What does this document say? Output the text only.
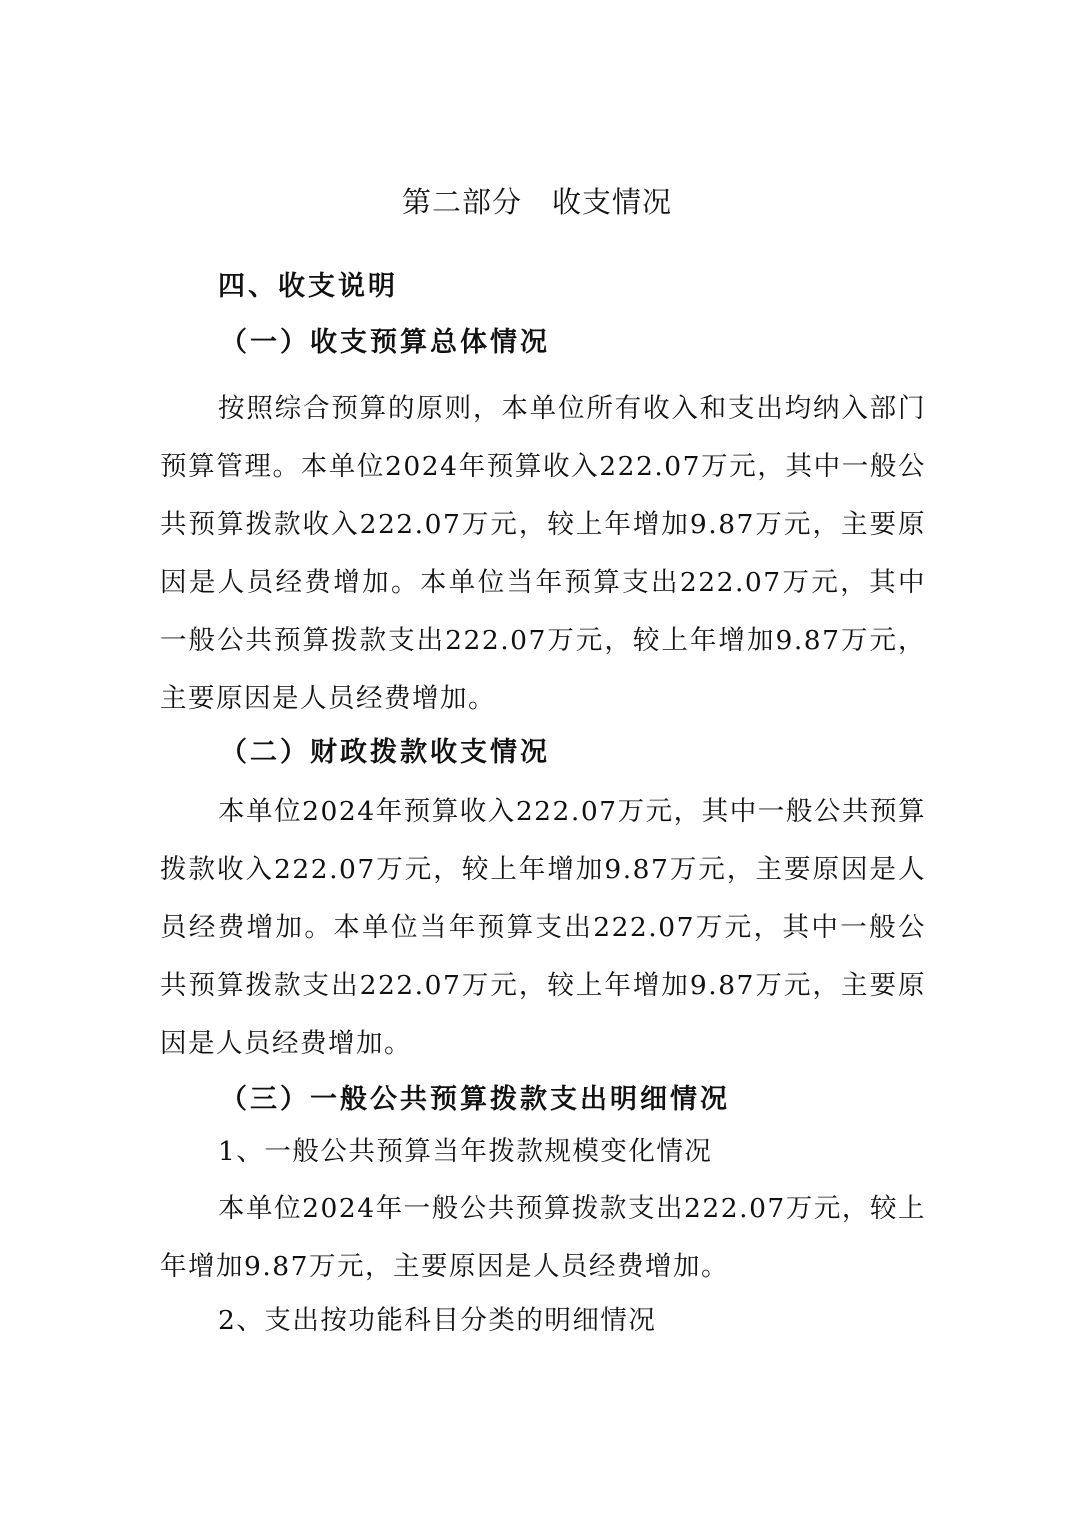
第二部分　收支情况
四、收支说明
（一）收支预算总体情况
按照综合预算的原则，本单位所有收入和支出均纳入部门预算管理。本单位2024年预算收入222.07万元，其中一般公共预算拨款收入222.07万元，较上年增加9.87万元，主要原因是人员经费增加。本单位当年预算支出222.07万元，其中一般公共预算拨款支出222.07万元，较上年增加9.87万元，主要原因是人员经费增加。
（二）财政拨款收支情况
本单位2024年预算收入222.07万元，其中一般公共预算拨款收入222.07万元，较上年增加9.87万元，主要原因是人员经费增加。本单位当年预算支出222.07万元，其中一般公共预算拨款支出222.07万元，较上年增加9.87万元，主要原因是人员经费增加。
（三）一般公共预算拨款支出明细情况
1、一般公共预算当年拨款规模变化情况
本单位2024年一般公共预算拨款支出222.07万元，较上年增加9.87万元，主要原因是人员经费增加。
2、支出按功能科目分类的明细情况
